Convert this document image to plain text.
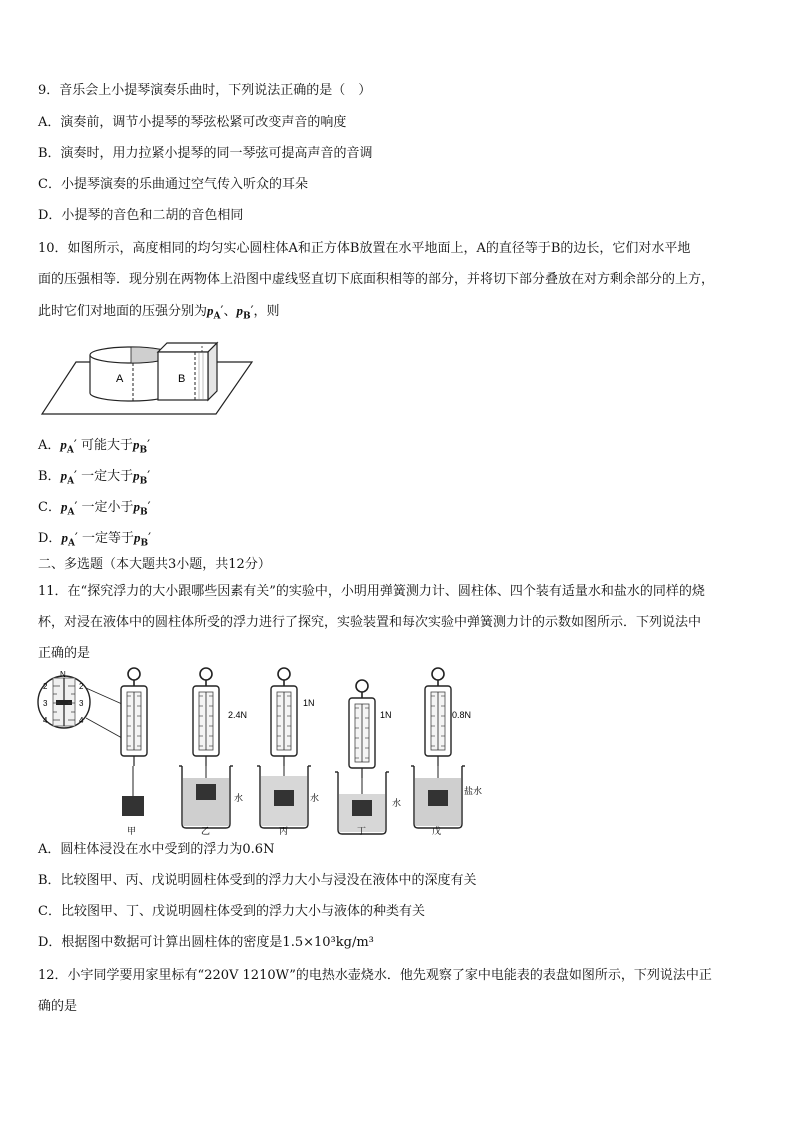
9．音乐会上小提琴演奏乐曲时，下列说法正确的是（　）
A．演奏前，调节小提琴的琴弦松紧可改变声音的响度
B．演奏时，用力拉紧小提琴的同一琴弦可提高声音的音调
C．小提琴演奏的乐曲通过空气传入听众的耳朵
D．小提琴的音色和二胡的音色相同
10．如图所示，高度相同的均匀实心圆柱体A和正方体B放置在水平地面上，A的直径等于B的边长，它们对水平地
面的压强相等．现分别在两物体上沿图中虚线竖直切下底面积相等的部分，并将切下部分叠放在对方剩余部分的上方，
此时它们对地面的压强分别为$p_A'$、$p_B'$，则
A	B
A．$p_A'$ 可能大于$p_B'$
B．$p_A'$ 一定大于$p_B'$
C．$p_A'$ 一定小于$p_B'$
D．$p_A'$ 一定等于$p_B'$
二、多选题（本大题共3小题，共12分）
11．在“探究浮力的大小跟哪些因素有关”的实验中，小明用弹簧测力计、圆柱体、四个装有适量水和盐水的同样的烧
杯，对浸在液体中的圆柱体所受的浮力进行了探究，实验装置和每次实验中弹簧测力计的示数如图所示．下列说法中
正确的是
N
2	2
3	3
4	4
甲
2.4N
水
乙
1N
水
丙
1N
水
丁
0.8N
盐水
戊
A．圆柱体浸没在水中受到的浮力为0.6N
B．比较图甲、丙、戊说明圆柱体受到的浮力大小与浸没在液体中的深度有关
C．比较图甲、丁、戊说明圆柱体受到的浮力大小与液体的种类有关
D．根据图中数据可计算出圆柱体的密度是1.5×10³kg/m³
12．小宇同学要用家里标有“220V 1210W”的电热水壶烧水．他先观察了家中电能表的表盘如图所示，下列说法中正
确的是
